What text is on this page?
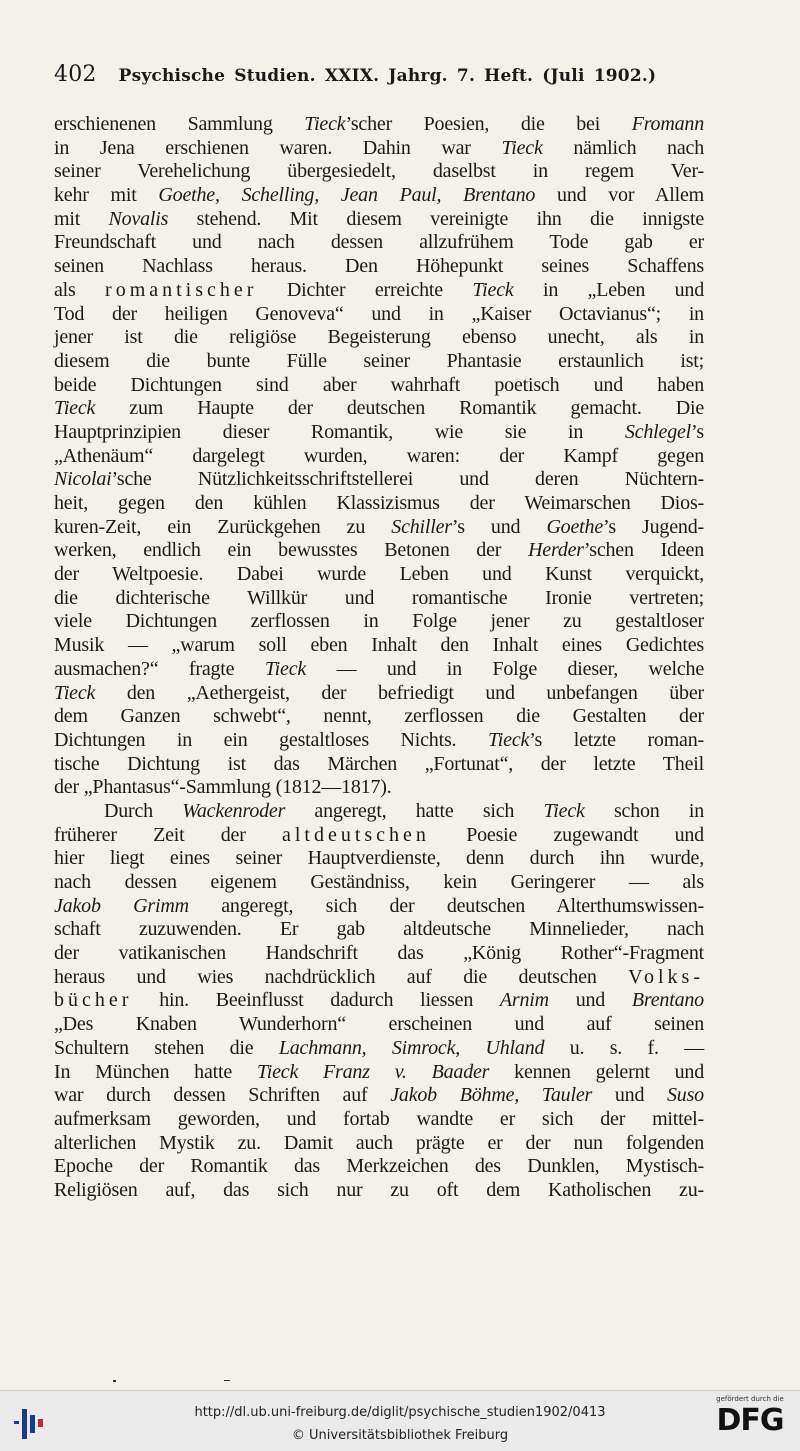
402 Psychische Studien. XXIX. Jahrg. 7. Heft. (Juli 1902.)
erschienenen Sammlung Tieck’scher Poesien, die bei Fromann
in Jena erschienen waren. Dahin war Tieck nämlich nach
seiner Verehelichung übergesiedelt, daselbst in regem Ver-
kehr mit Goethe, Schelling, Jean Paul, Brentano und vor Allem
mit Novalis stehend. Mit diesem vereinigte ihn die innigste
Freundschaft und nach dessen allzufrühem Tode gab er
seinen Nachlass heraus. Den Höhepunkt seines Schaffens
als romantischer Dichter erreichte Tieck in „Leben und
Tod der heiligen Genoveva“ und in „Kaiser Octavianus“; in
jener ist die religiöse Begeisterung ebenso unecht, als in
diesem die bunte Fülle seiner Phantasie erstaunlich ist;
beide Dichtungen sind aber wahrhaft poetisch und haben
Tieck zum Haupte der deutschen Romantik gemacht. Die
Hauptprinzipien dieser Romantik, wie sie in Schlegel’s
„Athenäum“ dargelegt wurden, waren: der Kampf gegen
Nicolai’sche Nützlichkeitsschriftstellerei und deren Nüchtern-
heit, gegen den kühlen Klassizismus der Weimarschen Dios-
kuren-Zeit, ein Zurückgehen zu Schiller’s und Goethe’s Jugend-
werken, endlich ein bewusstes Betonen der Herder’schen Ideen
der Weltpoesie. Dabei wurde Leben und Kunst verquickt,
die dichterische Willkür und romantische Ironie vertreten;
viele Dichtungen zerflossen in Folge jener zu gestaltloser
Musik — „warum soll eben Inhalt den Inhalt eines Gedichtes
ausmachen?“ fragte Tieck — und in Folge dieser, welche
Tieck den „Aethergeist, der befriedigt und unbefangen über
dem Ganzen schwebt“, nennt, zerflossen die Gestalten der
Dichtungen in ein gestaltloses Nichts. Tieck’s letzte roman-
tische Dichtung ist das Märchen „Fortunat“, der letzte Theil
der „Phantasus“-Sammlung (1812—1817).
Durch Wackenroder angeregt, hatte sich Tieck schon in
früherer Zeit der altdeutschen Poesie zugewandt und
hier liegt eines seiner Hauptverdienste, denn durch ihn wurde,
nach dessen eigenem Geständniss, kein Geringerer — als
Jakob Grimm angeregt, sich der deutschen Alterthumswissen-
schaft zuzuwenden. Er gab altdeutsche Minnelieder, nach
der vatikanischen Handschrift das „König Rother“-Fragment
heraus und wies nachdrücklich auf die deutschen Volks-
bücher hin. Beeinflusst dadurch liessen Arnim und Brentano
„Des Knaben Wunderhorn“ erscheinen und auf seinen
Schultern stehen die Lachmann, Simrock, Uhland u. s. f. —
In München hatte Tieck Franz v. Baader kennen gelernt und
war durch dessen Schriften auf Jakob Böhme, Tauler und Suso
aufmerksam geworden, und fortab wandte er sich der mittel-
alterlichen Mystik zu. Damit auch prägte er der nun folgenden
Epoche der Romantik das Merkzeichen des Dunklen, Mystisch-
Religiösen auf, das sich nur zu oft dem Katholischen zu-
http://dl.ub.uni-freiburg.de/diglit/psychische_studien1902/0413
© Universitätsbibliothek Freiburg
gefördert durch die
DFG
